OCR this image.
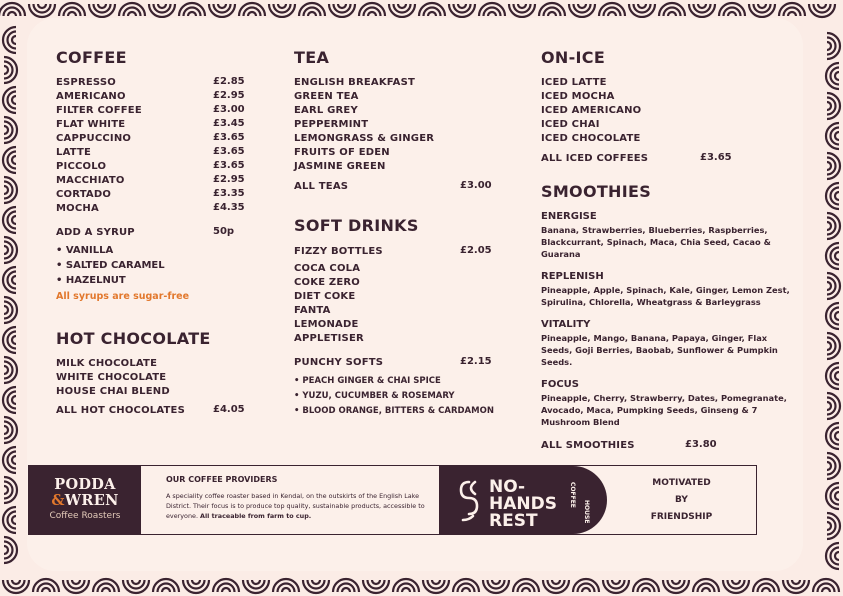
COFFEE
ESPRESSO	£2.85
AMERICANO	£2.95
FILTER COFFEE	£3.00
FLAT WHITE	£3.45
CAPPUCCINO	£3.65
LATTE	£3.65
PICCOLO	£3.65
MACCHIATO	£2.95
CORTADO	£3.35
MOCHA	£4.35
ADD A SYRUP	50p
• VANILLA
• SALTED CARAMEL
• HAZELNUT
All syrups are sugar-free
HOT CHOCOLATE
MILK CHOCOLATE
WHITE CHOCOLATE
HOUSE CHAI BLEND
ALL HOT CHOCOLATES	£4.05
TEA
ENGLISH BREAKFAST
GREEN TEA
EARL GREY
PEPPERMINT
LEMONGRASS & GINGER
FRUITS OF EDEN
JASMINE GREEN
ALL TEAS	£3.00
SOFT DRINKS
FIZZY BOTTLES	£2.05
COCA COLA
COKE ZERO
DIET COKE
FANTA
LEMONADE
APPLETISER
PUNCHY SOFTS	£2.15
• PEACH GINGER & CHAI SPICE
• YUZU, CUCUMBER & ROSEMARY
• BLOOD ORANGE, BITTERS & CARDAMON
ON-ICE
ICED LATTE
ICED MOCHA
ICED AMERICANO
ICED CHAI
ICED CHOCOLATE
ALL ICED COFFEES	£3.65
SMOOTHIES
ENERGISE
Banana, Strawberries, Blueberries, Raspberries, Blackcurrant, Spinach, Maca, Chia Seed, Cacao & Guarana
REPLENISH
Pineapple, Apple, Spinach, Kale, Ginger, Lemon Zest, Spirulina, Chlorella, Wheatgrass & Barleygrass
VITALITY
Pineapple, Mango, Banana, Papaya, Ginger, Flax Seeds, Goji Berries, Baobab, Sunflower & Pumpkin Seeds.
FOCUS
Pineapple, Cherry, Strawberry, Dates, Pomegranate, Avocado, Maca, Pumpking Seeds, Ginseng & 7 Mushroom Blend
ALL SMOOTHIES	£3.80
PODDA
&WREN
Coffee Roasters
OUR COFFEE PROVIDERS
A speciality coffee roaster based in Kendal, on the outskirts of the English Lake District. Their focus is to produce top quality, sustainable products, accessible to everyone. All traceable from farm to cup.
NO-
HANDS
REST
COFFEE
HOUSE
MOTIVATED
BY
FRIENDSHIP
